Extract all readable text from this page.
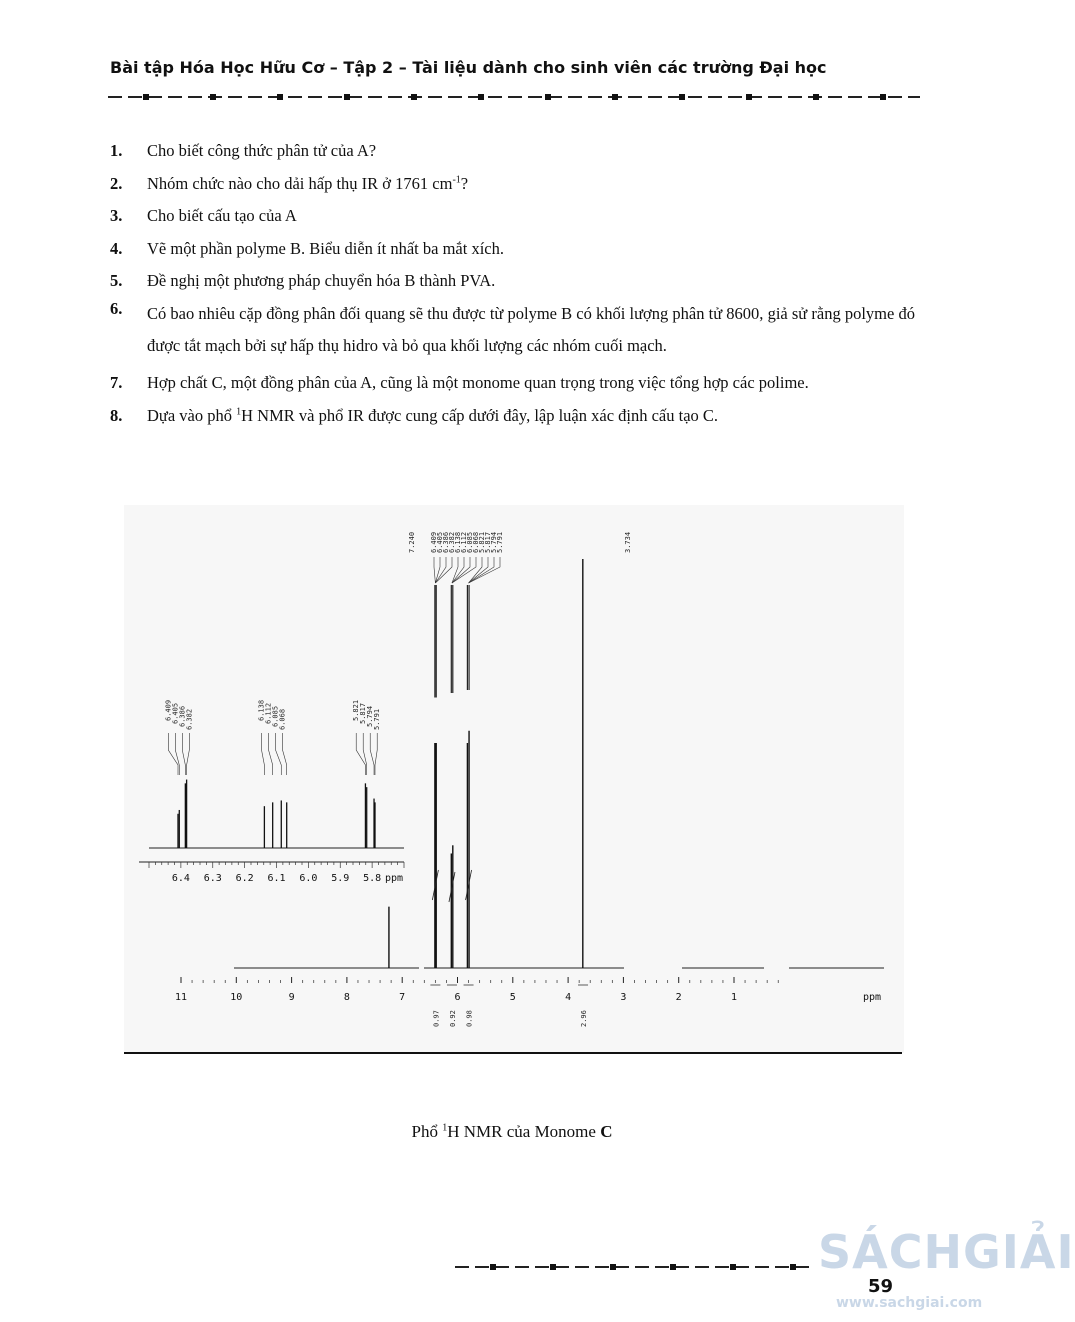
Bài tập Hóa Học Hữu Cơ – Tập 2 – Tài liệu dành cho sinh viên các trường Đại học
1. Cho biết công thức phân tử của A?
2. Nhóm chức nào cho dải hấp thụ IR ở 1761 $cm^{-1}$?
3. Cho biết cấu tạo của A
4. Vẽ một phần polyme B. Biểu diễn ít nhất ba mắt xích.
5. Đề nghị một phương pháp chuyển hóa B thành PVA.
6. Có bao nhiêu cặp đồng phân đối quang sẽ thu được từ polyme B có khối lượng phân tử 8600, giả sử rằng polyme đó được tắt mạch bởi sự hấp thụ hidro và bỏ qua khối lượng các nhóm cuối mạch.
7. Hợp chất C, một đồng phân của A, cũng là một monome quan trọng trong việc tổng hợp các polime.
8. Dựa vào phổ $^1$H NMR và phổ IR được cung cấp dưới đây, lập luận xác định cấu tạo C.
11	10	9	8	7	6	5	4	3	2	1	ppm
7.240 6.409
6.405
6.386
6.382
6.138
6.112
6.085
6.068
5.821
5.817
5.794
5.791	3.734
0.97 0.92 0.98	2.96
6.4 6.3 6.2 6.1 6.0 5.9 5.8 ppm
6.409 6.405 6.386 6.382	6.138 6.112 6.085 6.068	5.821 5.817 5.794 5.791
Phổ $^1$H NMR của Monome C
SÁCHGIẢI
www.sachgiai.com
59
